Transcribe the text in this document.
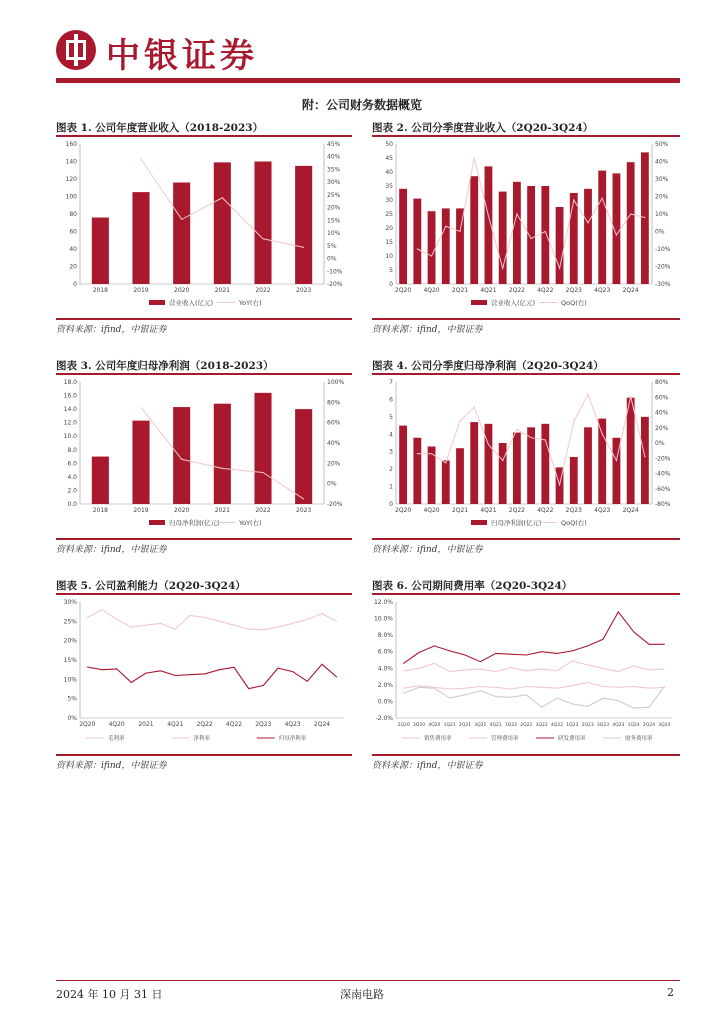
中银证券
附：公司财务数据概览
图表 1. 公司年度营业收入（2018-2023）
0
20
40
60
80
100
120
140
160
-20%
-10%
0%
5%
10%
15%
20%
25%
30%
35%
40%
45%
2018	2019	2020	2021	2022	2023
营业收入(亿元)	YoY(右)
资料来源：ifind，中银证券
图表 2. 公司分季度营业收入（2Q20-3Q24）
0
5
10
15
20
25
30
35
40
45
50
-30%
-20%
-10%
0%
10%
20%
30%
40%
50%
2Q20 4Q20 2Q21 4Q21 2Q22 4Q22 2Q23 4Q23 2Q24
营业收入(亿元)	QoQ(右)
资料来源：ifind，中银证券
图表 3. 公司年度归母净利润（2018-2023）
0.0
2.0
4.0
6.0
8.0
10.0
12.0
14.0
16.0
18.0
-20%
0%
20%
40%
60%
80%
100%
2018	2019	2020	2021	2022	2023
归母净利润(亿元)	YoY(右)
资料来源：ifind，中银证券
图表 4. 公司分季度归母净利润（2Q20-3Q24）
0
1
2
3
4
5
6
7
-80%
-60%
-40%
-20%
0%
20%
40%
60%
80%
2Q20 4Q20 2Q21 4Q21 2Q22 4Q22 2Q23 4Q23 2Q24
归母净利润(亿元)	QoQ(右)
资料来源：ifind，中银证券
图表 5. 公司盈利能力（2Q20-3Q24）
0%
5%
10%
15%
20%
25%
30%
2Q20 4Q20 2021 4Q21 2Q22 4Q22 2Q23 4Q23 2Q24
毛利率	净利率	归母净利率
资料来源：ifind，中银证券
图表 6. 公司期间费用率（2Q20-3Q24）
-2.0%
0.0%
2.0%
4.0%
6.0%
8.0%
10.0%
12.0%
2Q20 3Q20 4Q20 1Q21 2Q21 3Q21 4Q21 1Q22 2Q22 3Q22 4Q22 1Q23 2Q23 3Q23 4Q23 1Q24 2Q24 3Q24
销售费用率	管理费用率	研发费用率	财务费用率
资料来源：ifind，中银证券
2024 年 10 月 31 日	深南电路	2
